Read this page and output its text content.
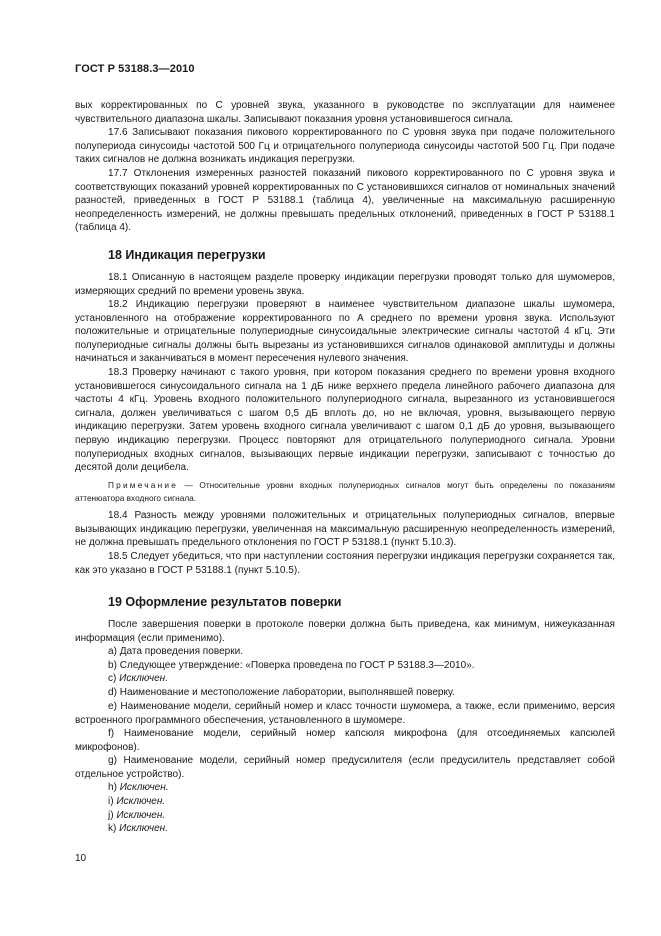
ГОСТ Р 53188.3—2010
вых корректированных по C уровней звука, указанного в руководстве по эксплуатации для наименее чувствительного диапазона шкалы. Записывают показания уровня установившегося сигнала.
17.6 Записывают показания пикового корректированного по C уровня звука при подаче положительного полупериода синусоиды частотой 500 Гц и отрицательного полупериода синусоиды частотой 500 Гц. При подаче таких сигналов не должна возникать индикация перегрузки.
17.7 Отклонения измеренных разностей показаний пикового корректированного по C уровня звука и соответствующих показаний уровней корректированных по C установившихся сигналов от номинальных значений разностей, приведенных в ГОСТ Р 53188.1 (таблица 4), увеличенные на максимальную расширенную неопределенность измерений, не должны превышать предельных отклонений, приведенных в ГОСТ Р 53188.1 (таблица 4).
18 Индикация перегрузки
18.1 Описанную в настоящем разделе проверку индикации перегрузки проводят только для шумомеров, измеряющих средний по времени уровень звука.
18.2 Индикацию перегрузки проверяют в наименее чувствительном диапазоне шкалы шумомера, установленного на отображение корректированного по A среднего по времени уровня звука. Используют положительные и отрицательные полупериодные синусоидальные электрические сигналы частотой 4 кГц. Эти полупериодные сигналы должны быть вырезаны из установившихся сигналов одинаковой амплитуды и должны начинаться и заканчиваться в момент пересечения нулевого значения.
18.3 Проверку начинают с такого уровня, при котором показания среднего по времени уровня входного установившегося синусоидального сигнала на 1 дБ ниже верхнего предела линейного рабочего диапазона для частоты 4 кГц. Уровень входного положительного полупериодного сигнала, вырезанного из установившегося сигнала, должен увеличиваться с шагом 0,5 дБ вплоть до, но не включая, уровня, вызывающего первую индикацию перегрузки. Затем уровень входного сигнала увеличивают с шагом 0,1 дБ до уровня, вызывающего первую индикацию перегрузки. Процесс повторяют для отрицательного полупериодного сигнала. Уровни полупериодных входных сигналов, вызывающих первые индикации перегрузки, записывают с точностью до десятой доли децибела.
Примечание — Относительные уровни входных полупериодных сигналов могут быть определены по показаниям аттенюатора входного сигнала.
18.4 Разность между уровнями положительных и отрицательных полупериодных сигналов, впервые вызывающих индикацию перегрузки, увеличенная на максимальную расширенную неопределенность измерений, не должна превышать предельного отклонения по ГОСТ Р 53188.1 (пункт 5.10.3).
18.5 Следует убедиться, что при наступлении состояния перегрузки индикация перегрузки сохраняется так, как это указано в ГОСТ Р 53188.1 (пункт 5.10.5).
19 Оформление результатов поверки
После завершения поверки в протоколе поверки должна быть приведена, как минимум, нижеуказанная информация (если применимо).
a) Дата проведения поверки.
b) Следующее утверждение: «Поверка проведена по ГОСТ Р 53188.3—2010».
c) Исключен.
d) Наименование и местоположение лаборатории, выполнявшей поверку.
e) Наименование модели, серийный номер и класс точности шумомера, а также, если применимо, версия встроенного программного обеспечения, установленного в шумомере.
f) Наименование модели, серийный номер капсюля микрофона (для отсоединяемых капсюлей микрофонов).
g) Наименование модели, серийный номер предусилителя (если предусилитель представляет собой отдельное устройство).
h) Исключен.
i) Исключен.
j) Исключен.
k) Исключен.
10
